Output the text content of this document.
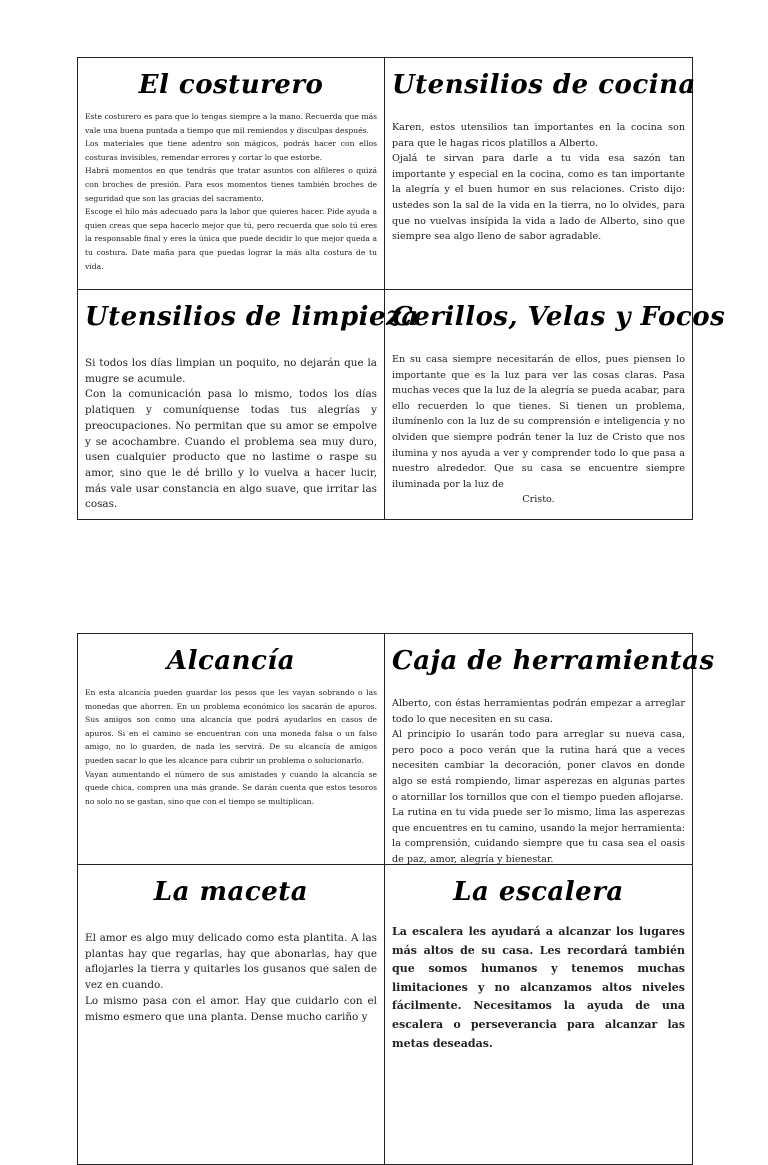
El costurero

Este costurero es para que lo tengas siempre a la mano. Recuerda que más vale una buena puntada a tiempo que mil remiendos y disculpas después.

Los materiales que tiene adentro son mágicos, podrás hacer con ellos costuras invisibles, remendar errores y cortar lo que estorbe.

Habrá momentos en que tendrás que tratar asuntos con alfileres o quizá con broches de presión. Para esos momentos tienes también broches de seguridad que son las gracias del sacramento.

Escoge el hilo más adecuado para la labor que quieres hacer. Pide ayuda a quien creas que sepa hacerlo mejor que tú, pero recuerda que solo tú eres la responsable final y eres la única que puede decidir lo que mejor queda a tu costura. Date maña para que puedas lograr la más alta costura de tu vida.

Utensilios de cocina

Karen, estos utensilios tan importantes en la cocina son para que le hagas ricos platillos a Alberto.

Ojalá te sirvan para darle a tu vida esa sazón tan importante y especial en la cocina, como es tan importante la alegría y el buen humor en sus relaciones. Cristo dijo: ustedes son la sal de la vida en la tierra, no lo olvides, para que no vuelvas insípida la vida a lado de Alberto, sino que siempre sea algo lleno de sabor agradable.

Utensilios de limpieza

Si todos los días limpian un poquito, no dejarán que la mugre se acumule.

Con la comunicación pasa lo mismo, todos los días platiquen y comuníquense todas tus alegrías y preocupaciones. No permitan que su amor se empolve y se acochambre. Cuando el problema sea muy duro, usen cualquier producto que no lastime o raspe su amor, sino que le dé brillo y lo vuelva a hacer lucir, más vale usar constancia en algo suave, que irritar las cosas.

Cerillos, Velas y Focos

En su casa siempre necesitarán de ellos, pues piensen lo importante que es la luz para ver las cosas claras. Pasa muchas veces que la luz de la alegría se pueda acabar, para ello recuerden lo que tienes. Si tienen un problema, ilumínenlo con la luz de su comprensión e inteligencia y no olviden que siempre podrán tener la luz de Cristo que nos ilumina y nos ayuda a ver y comprender todo lo que pasa a nuestro alrededor. Que su casa se encuentre siempre iluminada por la luz de

Cristo.

Alcancía

En esta alcancía pueden guardar los pesos que les vayan sobrando o las monedas que ahorren. En un problema económico los sacarán de apuros. Sus amigos son como una alcancía que podrá ayudarlos en casos de apuros. Si en el camino se encuentran con una moneda falsa o un falso amigo, no lo guarden, de nada les servirá. De su alcancía de amigos pueden sacar lo que les alcance para cubrir un problema o solucionarlo.

Vayan aumentando el número de sus amistades y cuando la alcancía se quede chica, compren una más grande. Se darán cuenta que estos tesoros no solo no se gastan, sino que con el tiempo se multiplican.

Caja de herramientas

Alberto, con éstas herramientas podrán empezar a arreglar todo lo que necesiten en su casa.

Al principio lo usarán todo para arreglar su nueva casa, pero poco a poco verán que la rutina hará que a veces necesiten cambiar la decoración, poner clavos en donde algo se está rompiendo, limar asperezas en algunas partes o atornillar los tornillos que con el tiempo pueden aflojarse.

La rutina en tu vida puede ser lo mismo, lima las asperezas que encuentres en tu camino, usando la mejor herramienta: la comprensión, cuidando siempre que tu casa sea el oasis de paz, amor, alegría y bienestar.

La maceta

El amor es algo muy delicado como esta plantita. A las plantas hay que regarlas, hay que abonarlas, hay que aflojarles la tierra y quitarles los gusanos que salen de vez en cuando.

Lo mismo pasa con el amor. Hay que cuidarlo con el mismo esmero que una planta. Dense mucho cariño y

La escalera

La escalera les ayudará a alcanzar los lugares más altos de su casa. Les recordará también que somos humanos y tenemos muchas limitaciones y no alcanzamos altos niveles fácilmente. Necesitamos la ayuda de una escalera o perseverancia para alcanzar las metas deseadas.
